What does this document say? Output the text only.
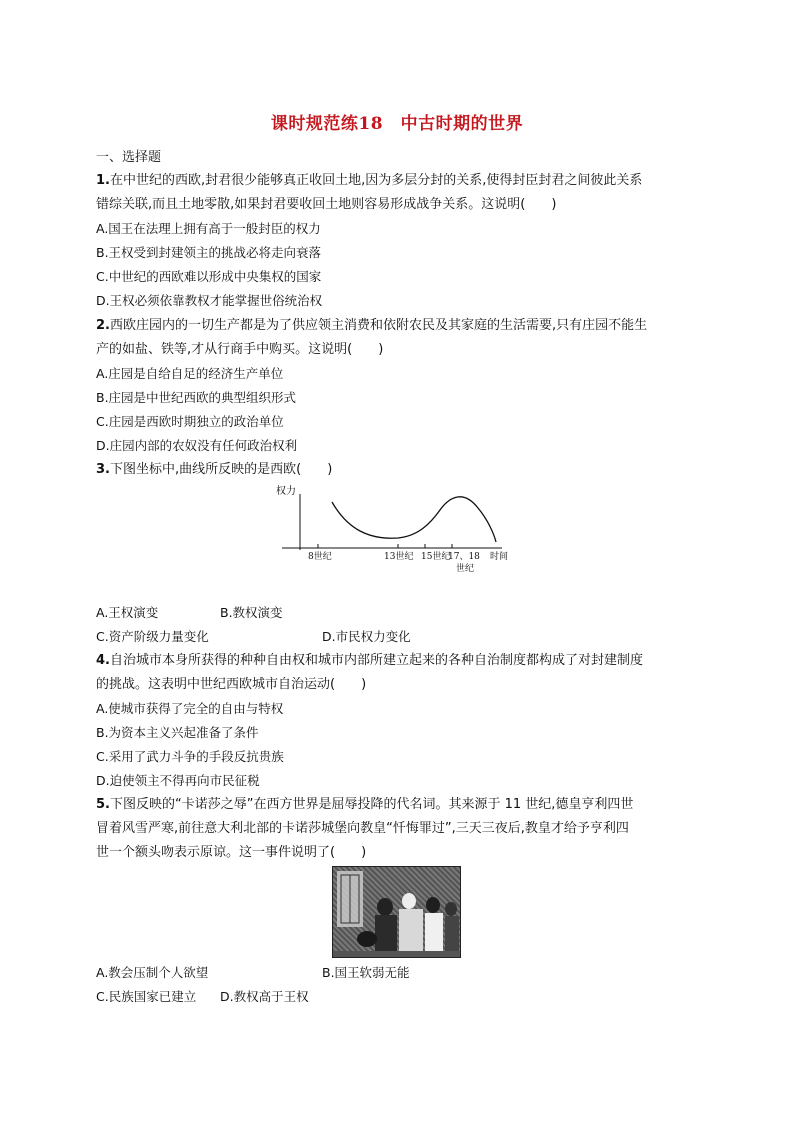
课时规范练18　中古时期的世界
一、选择题
1.在中世纪的西欧,封君很少能够真正收回土地,因为多层分封的关系,使得封臣封君之间彼此关系
错综关联,而且土地零散,如果封君要收回土地则容易形成战争关系。这说明(　　)
A.国王在法理上拥有高于一般封臣的权力
B.王权受到封建领主的挑战必将走向衰落
C.中世纪的西欧难以形成中央集权的国家
D.王权必须依靠教权才能掌握世俗统治权
2.西欧庄园内的一切生产都是为了供应领主消费和依附农民及其家庭的生活需要,只有庄园不能生
产的如盐、铁等,才从行商手中购买。这说明(　　)
A.庄园是自给自足的经济生产单位
B.庄园是中世纪西欧的典型组织形式
C.庄园是西欧时期独立的政治单位
D.庄园内部的农奴没有任何政治权利
3.下图坐标中,曲线所反映的是西欧(　　)
权力
8世纪	13世纪 15世纪
17、18
世纪
时间
A.王权演变	B.教权演变
C.资产阶级力量变化	D.市民权力变化
4.自治城市本身所获得的种种自由权和城市内部所建立起来的各种自治制度都构成了对封建制度
的挑战。这表明中世纪西欧城市自治运动(　　)
A.使城市获得了完全的自由与特权
B.为资本主义兴起准备了条件
C.采用了武力斗争的手段反抗贵族
D.迫使领主不得再向市民征税
5.下图反映的“卡诺莎之辱”在西方世界是屈辱投降的代名词。其来源于 11 世纪,德皇亨利四世
冒着风雪严寒,前往意大利北部的卡诺莎城堡向教皇“忏悔罪过”,三天三夜后,教皇才给予亨利四
世一个额头吻表示原谅。这一事件说明了(　　)
A.教会压制个人欲望	B.国王软弱无能
C.民族国家已建立 D.教权高于王权
